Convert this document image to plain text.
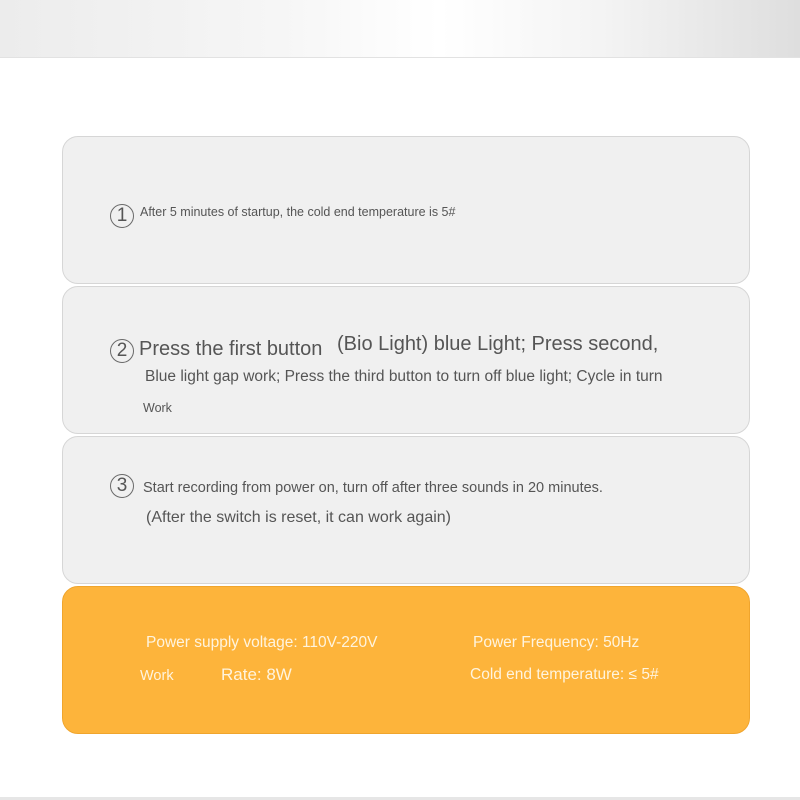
1	After 5 minutes of startup, the cold end temperature is 5#
2 Press the first button (Bio Light) blue Light; Press second,
Blue light gap work; Press the third button to turn off blue light; Cycle in turn
Work
3	Start recording from power on, turn off after three sounds in 20 minutes.
(After the switch is reset, it can work again)
Power supply voltage: 110V-220V	Power Frequency: 50Hz
Work	Rate: 8W	Cold end temperature: ≤ 5#
